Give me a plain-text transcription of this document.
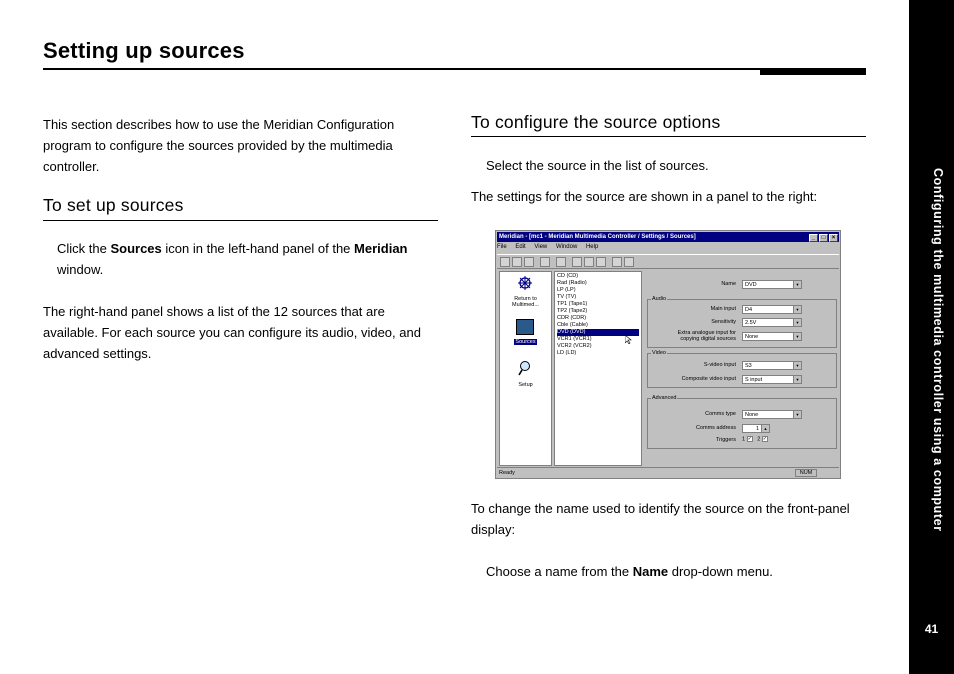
Setting up sources

This section describes how to use the Meridian Configuration program to configure the sources provided by the multimedia controller.

To set up sources

Click the Sources icon in the left-hand panel of the Meridian window.

The right-hand panel shows a list of the 12 sources that are available. For each source you can configure its audio, video, and advanced settings.

To configure the source options

Select the source in the list of sources.

The settings for the source are shown in a panel to the right:

Meridian - [mc1 - Meridian Multimedia Controller / Settings / Sources]	_ □ ×
File Edit View Window Help
Return to Multimed...
Sources
Setup
CD (CD)
Rad (Radio)
LP (LP)
TV (TV)
TP1 (Tape1)
TP2 (Tape2)
CDR (CDR)
Cble (Cable)
DVD (DVD)
VCR1 (VCR1)
VCR2 (VCR2)
LD (LD)
Name	DVD	▼
Audio
Main input	D4	▼
Sensitivity	2.5V	▼
Extra analogue input for
copying digital sources	None	▼
Video
S-video input	S3	▼
Composite video input	S input	▼
Advanced
Comms type	None	▼
Comms address	1	▲
Triggers 1 ✓ 2 ✓
Ready	NUM

To change the name used to identify the source on the front-panel display:

Choose a name from the Name drop-down menu.

Configuring the multimedia controller using a computer
41
